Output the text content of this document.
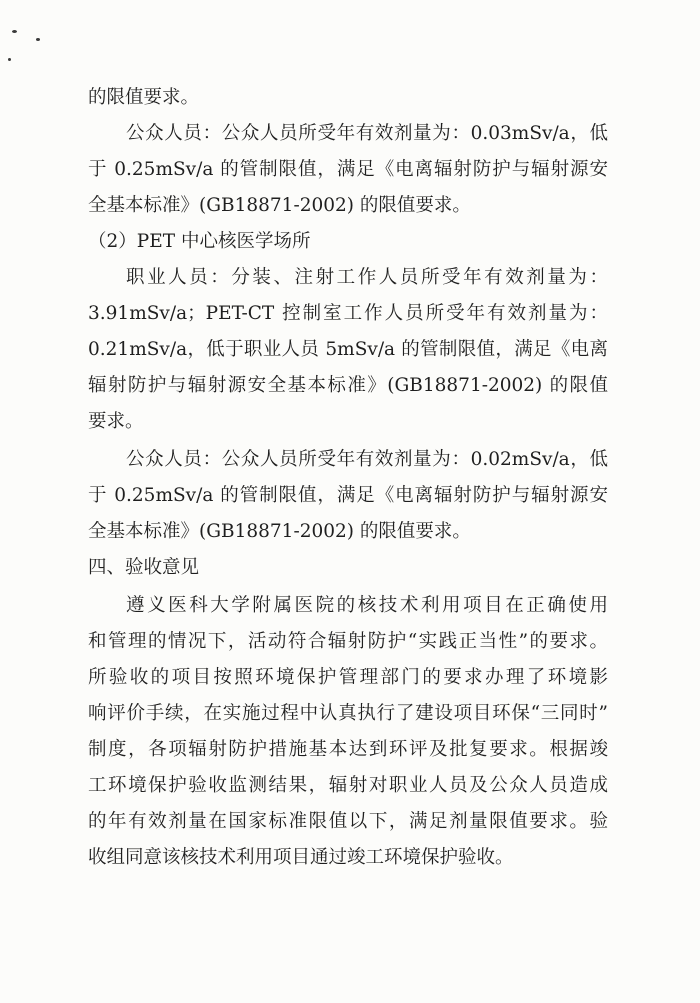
的限值要求。
公众人员：公众人员所受年有效剂量为：0.03mSv/a，低
于 0.25mSv/a 的管制限值，满足《电离辐射防护与辐射源安
全基本标准》(GB18871-2002) 的限值要求。
（2）PET 中心核医学场所
职业人员：分装、注射工作人员所受年有效剂量为：
3.91mSv/a；PET-CT 控制室工作人员所受年有效剂量为：
0.21mSv/a，低于职业人员 5mSv/a 的管制限值，满足《电离
辐射防护与辐射源安全基本标准》(GB18871-2002) 的限值
要求。
公众人员：公众人员所受年有效剂量为：0.02mSv/a，低
于 0.25mSv/a 的管制限值，满足《电离辐射防护与辐射源安
全基本标准》(GB18871-2002) 的限值要求。
四、验收意见
遵义医科大学附属医院的核技术利用项目在正确使用
和管理的情况下，活动符合辐射防护“实践正当性”的要求。
所验收的项目按照环境保护管理部门的要求办理了环境影
响评价手续，在实施过程中认真执行了建设项目环保“三同时”
制度，各项辐射防护措施基本达到环评及批复要求。根据竣
工环境保护验收监测结果，辐射对职业人员及公众人员造成
的年有效剂量在国家标准限值以下，满足剂量限值要求。验
收组同意该核技术利用项目通过竣工环境保护验收。
